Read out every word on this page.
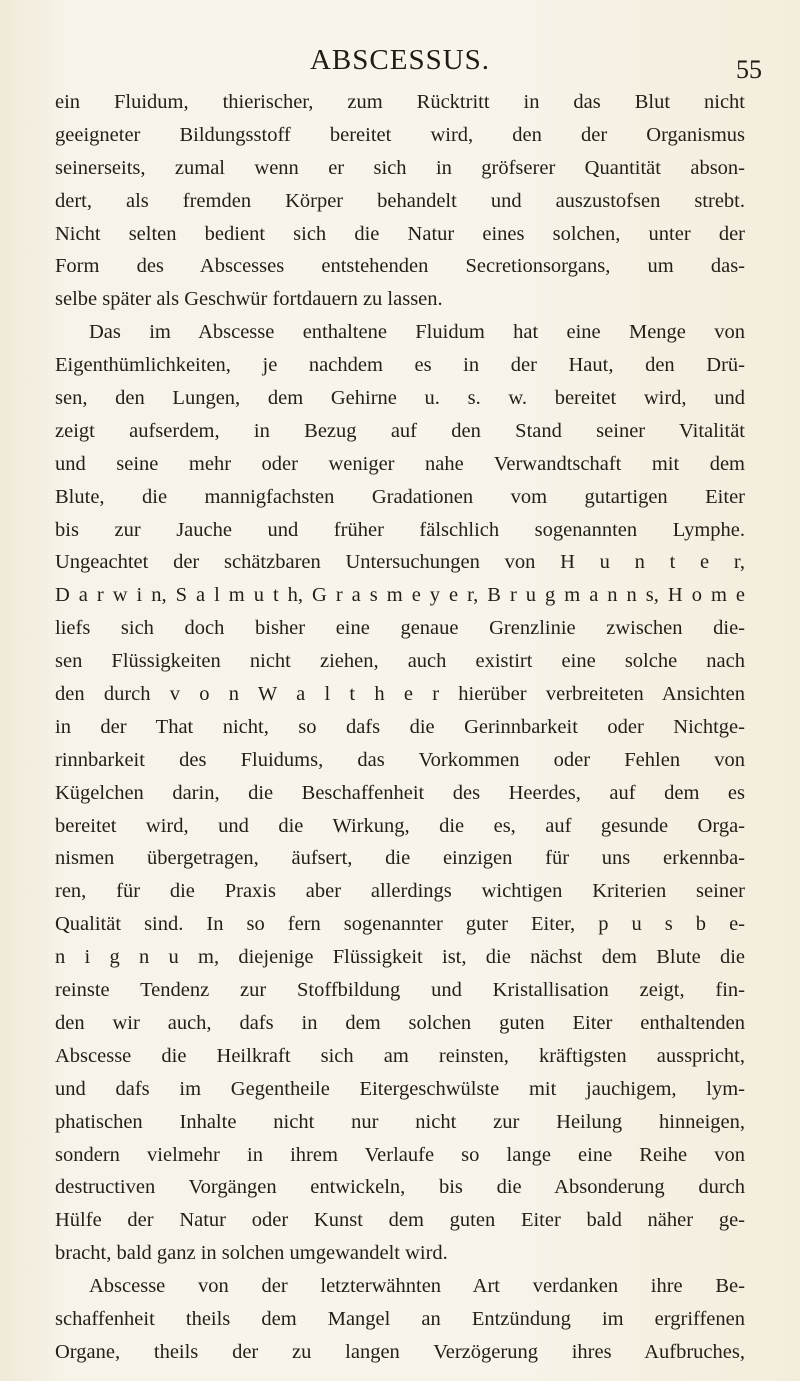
ABSCESSUS.	55
ein Fluidum, thierischer, zum Rücktritt in das Blut nicht
geeigneter Bildungsstoff bereitet wird, den der Organismus
seinerseits, zumal wenn er sich in gröfserer Quantität abson-
dert, als fremden Körper behandelt und auszustofsen strebt.
Nicht selten bedient sich die Natur eines solchen, unter der
Form des Abscesses entstehenden Secretionsorgans, um das-
selbe später als Geschwür fortdauern zu lassen.
Das im Abscesse enthaltene Fluidum hat eine Menge von
Eigenthümlichkeiten, je nachdem es in der Haut, den Drü-
sen, den Lungen, dem Gehirne u. s. w. bereitet wird, und
zeigt aufserdem, in Bezug auf den Stand seiner Vitalität
und seine mehr oder weniger nahe Verwandtschaft mit dem
Blute, die mannigfachsten Gradationen vom gutartigen Eiter
bis zur Jauche und früher fälschlich sogenannten Lymphe.
Ungeachtet der schätzbaren Untersuchungen von H u n t e r,
D a r w i n, S a l m u t h, G r a s m e y e r, B r u g m a n n s, H o m e
liefs sich doch bisher eine genaue Grenzlinie zwischen die-
sen Flüssigkeiten nicht ziehen, auch existirt eine solche nach
den durch v o n W a l t h e r hierüber verbreiteten Ansichten
in der That nicht, so dafs die Gerinnbarkeit oder Nichtge-
rinnbarkeit des Fluidums, das Vorkommen oder Fehlen von
Kügelchen darin, die Beschaffenheit des Heerdes, auf dem es
bereitet wird, und die Wirkung, die es, auf gesunde Orga-
nismen übergetragen, äufsert, die einzigen für uns erkennba-
ren, für die Praxis aber allerdings wichtigen Kriterien seiner
Qualität sind. In so fern sogenannter guter Eiter, p u s b e-
n i g n u m, diejenige Flüssigkeit ist, die nächst dem Blute die
reinste Tendenz zur Stoffbildung und Kristallisation zeigt, fin-
den wir auch, dafs in dem solchen guten Eiter enthaltenden
Abscesse die Heilkraft sich am reinsten, kräftigsten ausspricht,
und dafs im Gegentheile Eitergeschwülste mit jauchigem, lym-
phatischen Inhalte nicht nur nicht zur Heilung hinneigen,
sondern vielmehr in ihrem Verlaufe so lange eine Reihe von
destructiven Vorgängen entwickeln, bis die Absonderung durch
Hülfe der Natur oder Kunst dem guten Eiter bald näher ge-
bracht, bald ganz in solchen umgewandelt wird.
Abscesse von der letzterwähnten Art verdanken ihre Be-
schaffenheit theils dem Mangel an Entzündung im ergriffenen
Organe, theils der zu langen Verzögerung ihres Aufbruches,
